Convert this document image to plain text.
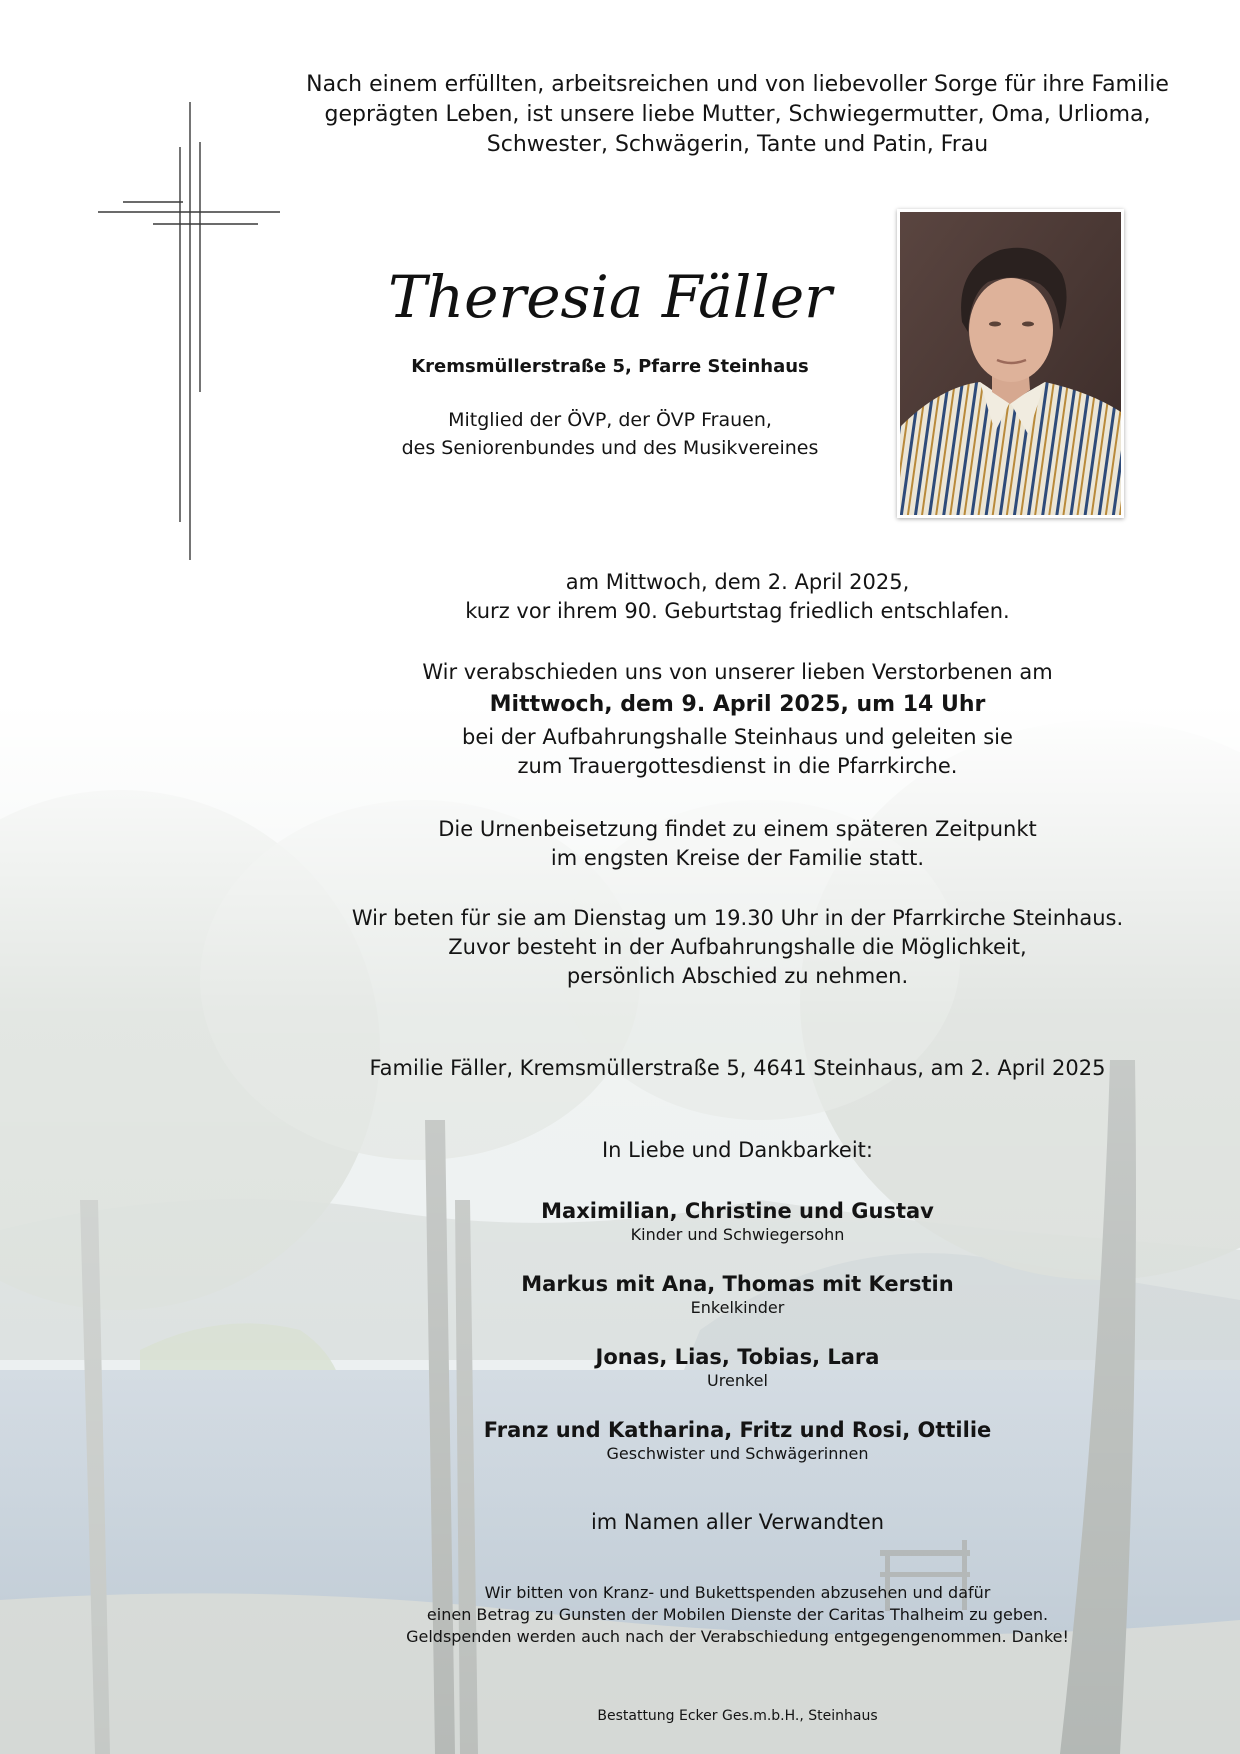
Nach einem erfüllten, arbeitsreichen und von liebevoller Sorge für ihre Familie
geprägten Leben, ist unsere liebe Mutter, Schwiegermutter, Oma, Urlioma,
Schwester, Schwägerin, Tante und Patin, Frau
Theresia Fäller
Kremsmüllerstraße 5, Pfarre Steinhaus
Mitglied der ÖVP, der ÖVP Frauen,
des Seniorenbundes und des Musikvereines
am Mittwoch, dem 2. April 2025,
kurz vor ihrem 90. Geburtstag friedlich entschlafen.
Wir verabschieden uns von unserer lieben Verstorbenen am
Mittwoch, dem 9. April 2025, um 14 Uhr
bei der Aufbahrungshalle Steinhaus und geleiten sie
zum Trauergottesdienst in die Pfarrkirche.
Die Urnenbeisetzung findet zu einem späteren Zeitpunkt
im engsten Kreise der Familie statt.
Wir beten für sie am Dienstag um 19.30 Uhr in der Pfarrkirche Steinhaus.
Zuvor besteht in der Aufbahrungshalle die Möglichkeit,
persönlich Abschied zu nehmen.
Familie Fäller, Kremsmüllerstraße 5, 4641 Steinhaus, am 2. April 2025
In Liebe und Dankbarkeit:
Maximilian, Christine und Gustav
Kinder und Schwiegersohn
Markus mit Ana, Thomas mit Kerstin
Enkelkinder
Jonas, Lias, Tobias, Lara
Urenkel
Franz und Katharina, Fritz und Rosi, Ottilie
Geschwister und Schwägerinnen
im Namen aller Verwandten
Wir bitten von Kranz- und Bukettspenden abzusehen und dafür
einen Betrag zu Gunsten der Mobilen Dienste der Caritas Thalheim zu geben.
Geldspenden werden auch nach der Verabschiedung entgegengenommen. Danke!
Bestattung Ecker Ges.m.b.H., Steinhaus
